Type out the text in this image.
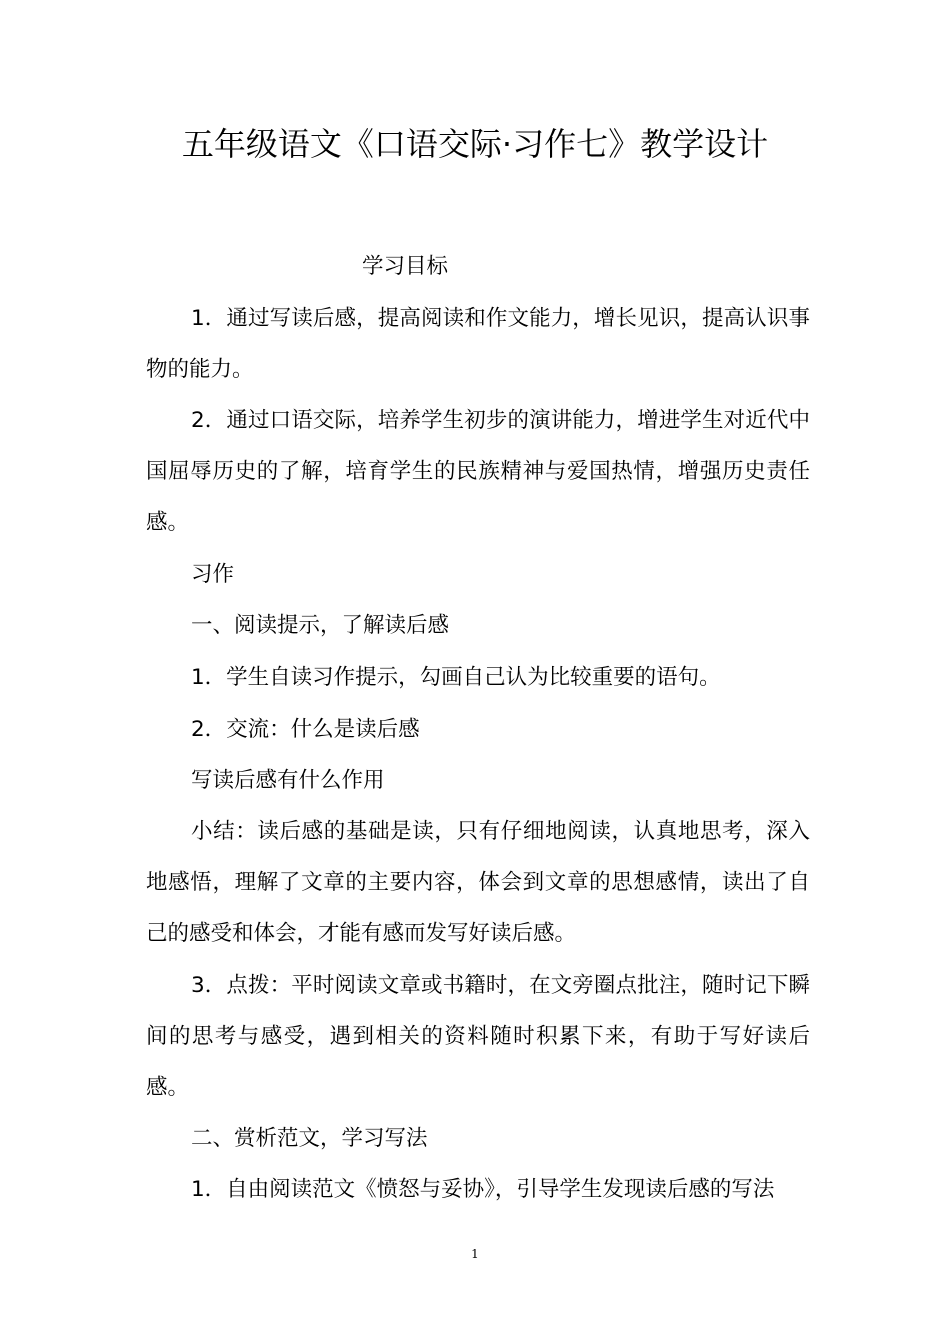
五年级语文《口语交际·习作七》教学设计

学习目标

1．通过写读后感，提高阅读和作文能力，增长见识，提高认识事物的能力。

2．通过口语交际，培养学生初步的演讲能力，增进学生对近代中国屈辱历史的了解，培育学生的民族精神与爱国热情，增强历史责任感。

习作

一、阅读提示，了解读后感

1．学生自读习作提示，勾画自己认为比较重要的语句。

2．交流：什么是读后感

写读后感有什么作用

小结：读后感的基础是读，只有仔细地阅读，认真地思考，深入地感悟，理解了文章的主要内容，体会到文章的思想感情，读出了自己的感受和体会，才能有感而发写好读后感。

3．点拨：平时阅读文章或书籍时，在文旁圈点批注，随时记下瞬间的思考与感受，遇到相关的资料随时积累下来，有助于写好读后感。

二、赏析范文，学习写法

1．自由阅读范文《愤怒与妥协》，引导学生发现读后感的写法

1
